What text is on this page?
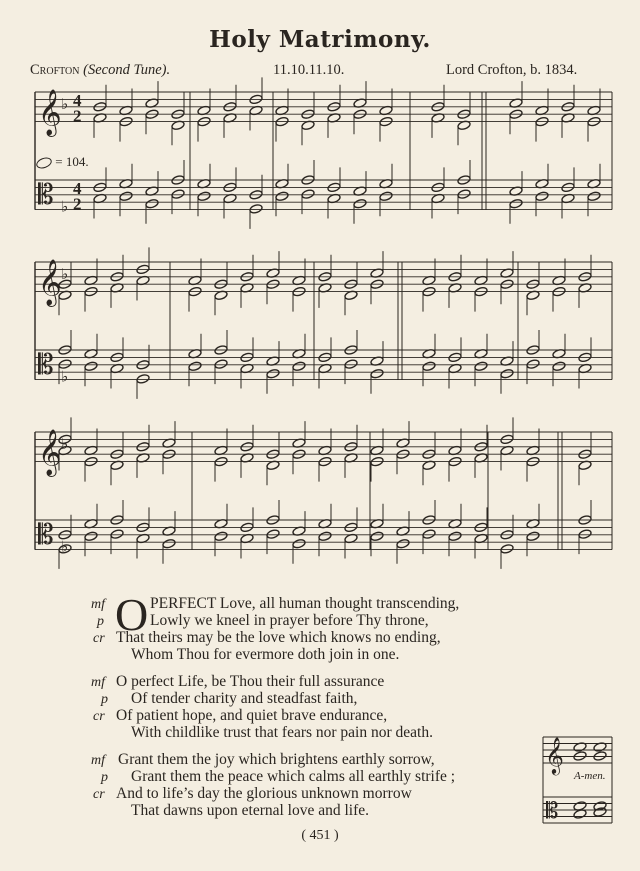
Holy Matrimony.
Crofton (Second Tune).	11.10.11.10.	Lord Crofton, b. 1834.
𝄞
𝄡
♭
♭
4
2
4
2
𝄞
𝄡
♭
♭
𝄞
𝄡
♭
♭
𝄞
𝄡
= 104.
O
mf	PERFECT Love, all human thought transcending,
p	Lowly we kneel in prayer before Thy throne,
cr That theirs may be the love which knows no ending,
Whom Thou for evermore doth join in one.
mf O perfect Life, be Thou their full assurance
p Of tender charity and steadfast faith,
cr Of patient hope, and quiet brave endurance,
With childlike trust that fears nor pain nor death.
mf Grant them the joy which brightens earthly sorrow,
p Grant them the peace which calms all earthly strife ;
cr And to life’s day the glorious unknown morrow
That dawns upon eternal love and life.
A-men.
( 451 )
